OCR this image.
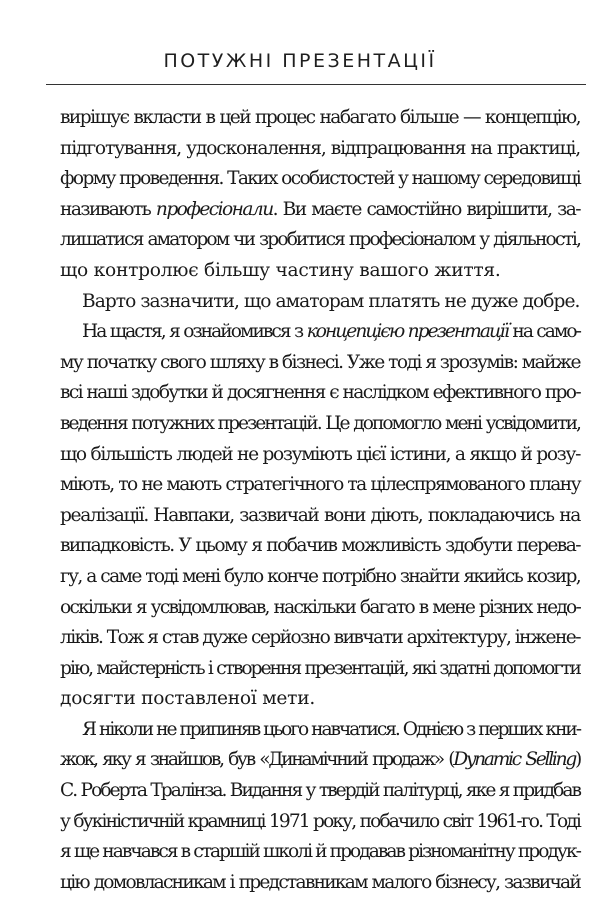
ПОТУЖНІ ПРЕЗЕНТАЦІЇ
вирішує вкласти в цей процес набагато більше — концепцію,
підготування, удосконалення, відпрацювання на практиці,
форму проведення. Таких особистостей у нашому середовищі
називають професіонали. Ви маєте самостійно вирішити, за-
лишатися аматором чи зробитися професіоналом у діяльності,
що контролює більшу частину вашого життя.
Варто зазначити, що аматорам платять не дуже добре.
На щастя, я ознайомився з концепцією презентації на само-
му початку свого шляху в бізнесі. Уже тоді я зрозумів: майже
всі наші здобутки й досягнення є наслідком ефективного про-
ведення потужних презентацій. Це допомогло мені усвідомити,
що більшість людей не розуміють цієї істини, а якщо й розу-
міють, то не мають стратегічного та цілеспрямованого плану
реалізації. Навпаки, зазвичай вони діють, покладаючись на
випадковість. У цьому я побачив можливість здобути перева-
гу, а саме тоді мені було конче потрібно знайти якийсь козир,
оскільки я усвідомлював, наскільки багато в мене різних недо-
ліків. Тож я став дуже серйозно вивчати архітектуру, інжене-
рію, майстерність і створення презентацій, які здатні допомогти
досягти поставленої мети.
Я ніколи не припиняв цього навчатися. Однією з перших кни-
жок, яку я знайшов, був «Динамічний продаж» (Dynamic Selling)
С. Роберта Тралінза. Видання у твердій палітурці, яке я придбав
у букіністичній крамниці 1971 року, побачило світ 1961-го. Тоді
я ще навчався в старшій школі й продавав різноманітну продук-
цію домовласникам і представникам малого бізнесу, зазвичай
